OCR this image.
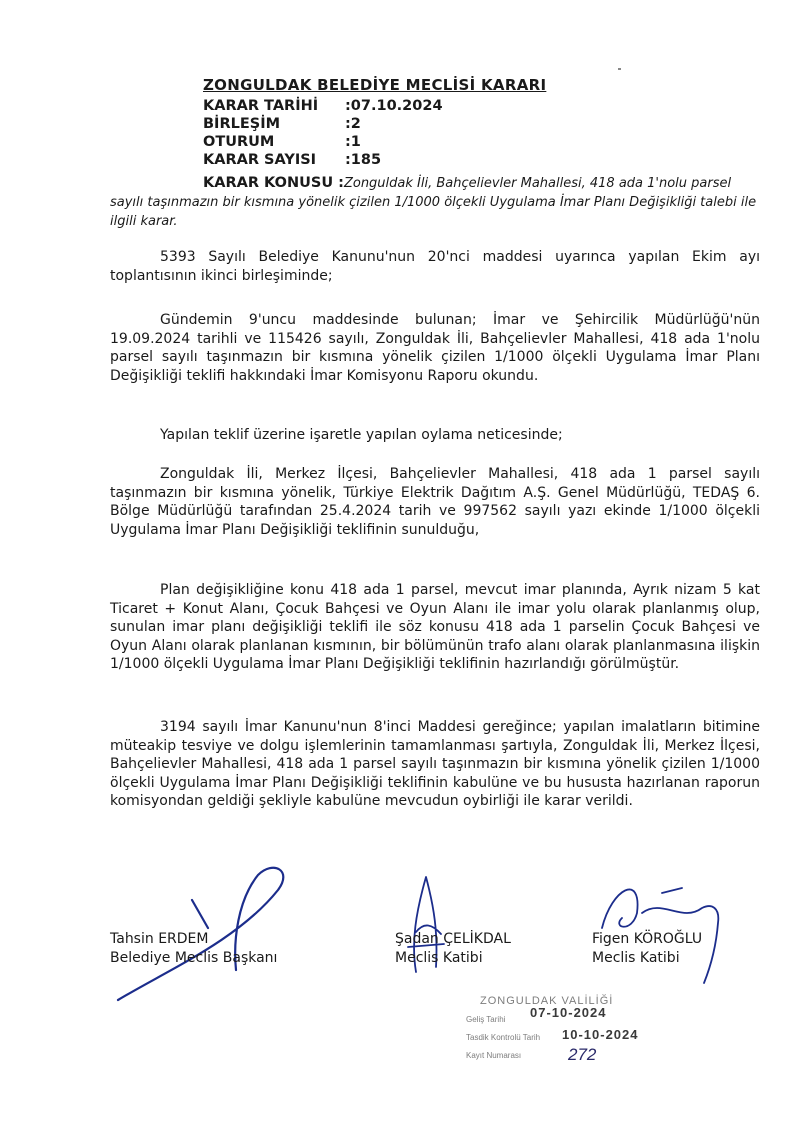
ZONGULDAK BELEDİYE MECLİSİ KARARI
KARAR TARİHİ :07.10.2024
BİRLEŞİM	:2
OTURUM	:1
KARAR SAYISI :185
KARAR KONUSU :Zonguldak İli, Bahçelievler Mahallesi, 418 ada 1'nolu parsel sayılı taşınmazın bir kısmına yönelik çizilen 1/1000 ölçekli Uygulama İmar Planı Değişikliği talebi ile ilgili karar.

5393 Sayılı Belediye Kanunu'nun 20'nci maddesi uyarınca yapılan Ekim ayı toplantısının ikinci birleşiminde;

Gündemin 9'uncu maddesinde bulunan; İmar ve Şehircilik Müdürlüğü'nün 19.09.2024 tarihli ve 115426 sayılı, Zonguldak İli, Bahçelievler Mahallesi, 418 ada 1'nolu parsel sayılı taşınmazın bir kısmına yönelik çizilen 1/1000 ölçekli Uygulama İmar Planı Değişikliği teklifi hakkındaki İmar Komisyonu Raporu okundu.

Yapılan teklif üzerine işaretle yapılan oylama neticesinde;

Zonguldak İli, Merkez İlçesi, Bahçelievler Mahallesi, 418 ada 1 parsel sayılı taşınmazın bir kısmına yönelik, Türkiye Elektrik Dağıtım A.Ş. Genel Müdürlüğü, TEDAŞ 6. Bölge Müdürlüğü tarafından 25.4.2024 tarih ve 997562 sayılı yazı ekinde 1/1000 ölçekli Uygulama İmar Planı Değişikliği teklifinin sunulduğu,

Plan değişikliğine konu 418 ada 1 parsel, mevcut imar planında, Ayrık nizam 5 kat Ticaret + Konut Alanı, Çocuk Bahçesi ve Oyun Alanı ile imar yolu olarak planlanmış olup, sunulan imar planı değişikliği teklifi ile söz konusu 418 ada 1 parselin Çocuk Bahçesi ve Oyun Alanı olarak planlanan kısmının, bir bölümünün trafo alanı olarak planlanmasına ilişkin 1/1000 ölçekli Uygulama İmar Planı Değişikliği teklifinin hazırlandığı görülmüştür.

3194 sayılı İmar Kanunu'nun 8'inci Maddesi gereğince; yapılan imalatların bitimine müteakip tesviye ve dolgu işlemlerinin tamamlanması şartıyla, Zonguldak İli, Merkez İlçesi, Bahçelievler Mahallesi, 418 ada 1 parsel sayılı taşınmazın bir kısmına yönelik çizilen 1/1000 ölçekli Uygulama İmar Planı Değişikliği teklifinin kabulüne ve bu hususta hazırlanan raporun komisyondan geldiği şekliyle kabulüne mevcudun oybirliği ile karar verildi.

Tahsin ERDEM
Belediye Meclis Başkanı
Şadan ÇELİKDAL
Meclis Katibi
Figen KÖROĞLU
Meclis Katibi
ZONGULDAK VALİLİĞİ
Geliş Tarihi 07-10-2024
Tasdik Kontrolü Tarih 10-10-2024
Kayıt Numarası	272
